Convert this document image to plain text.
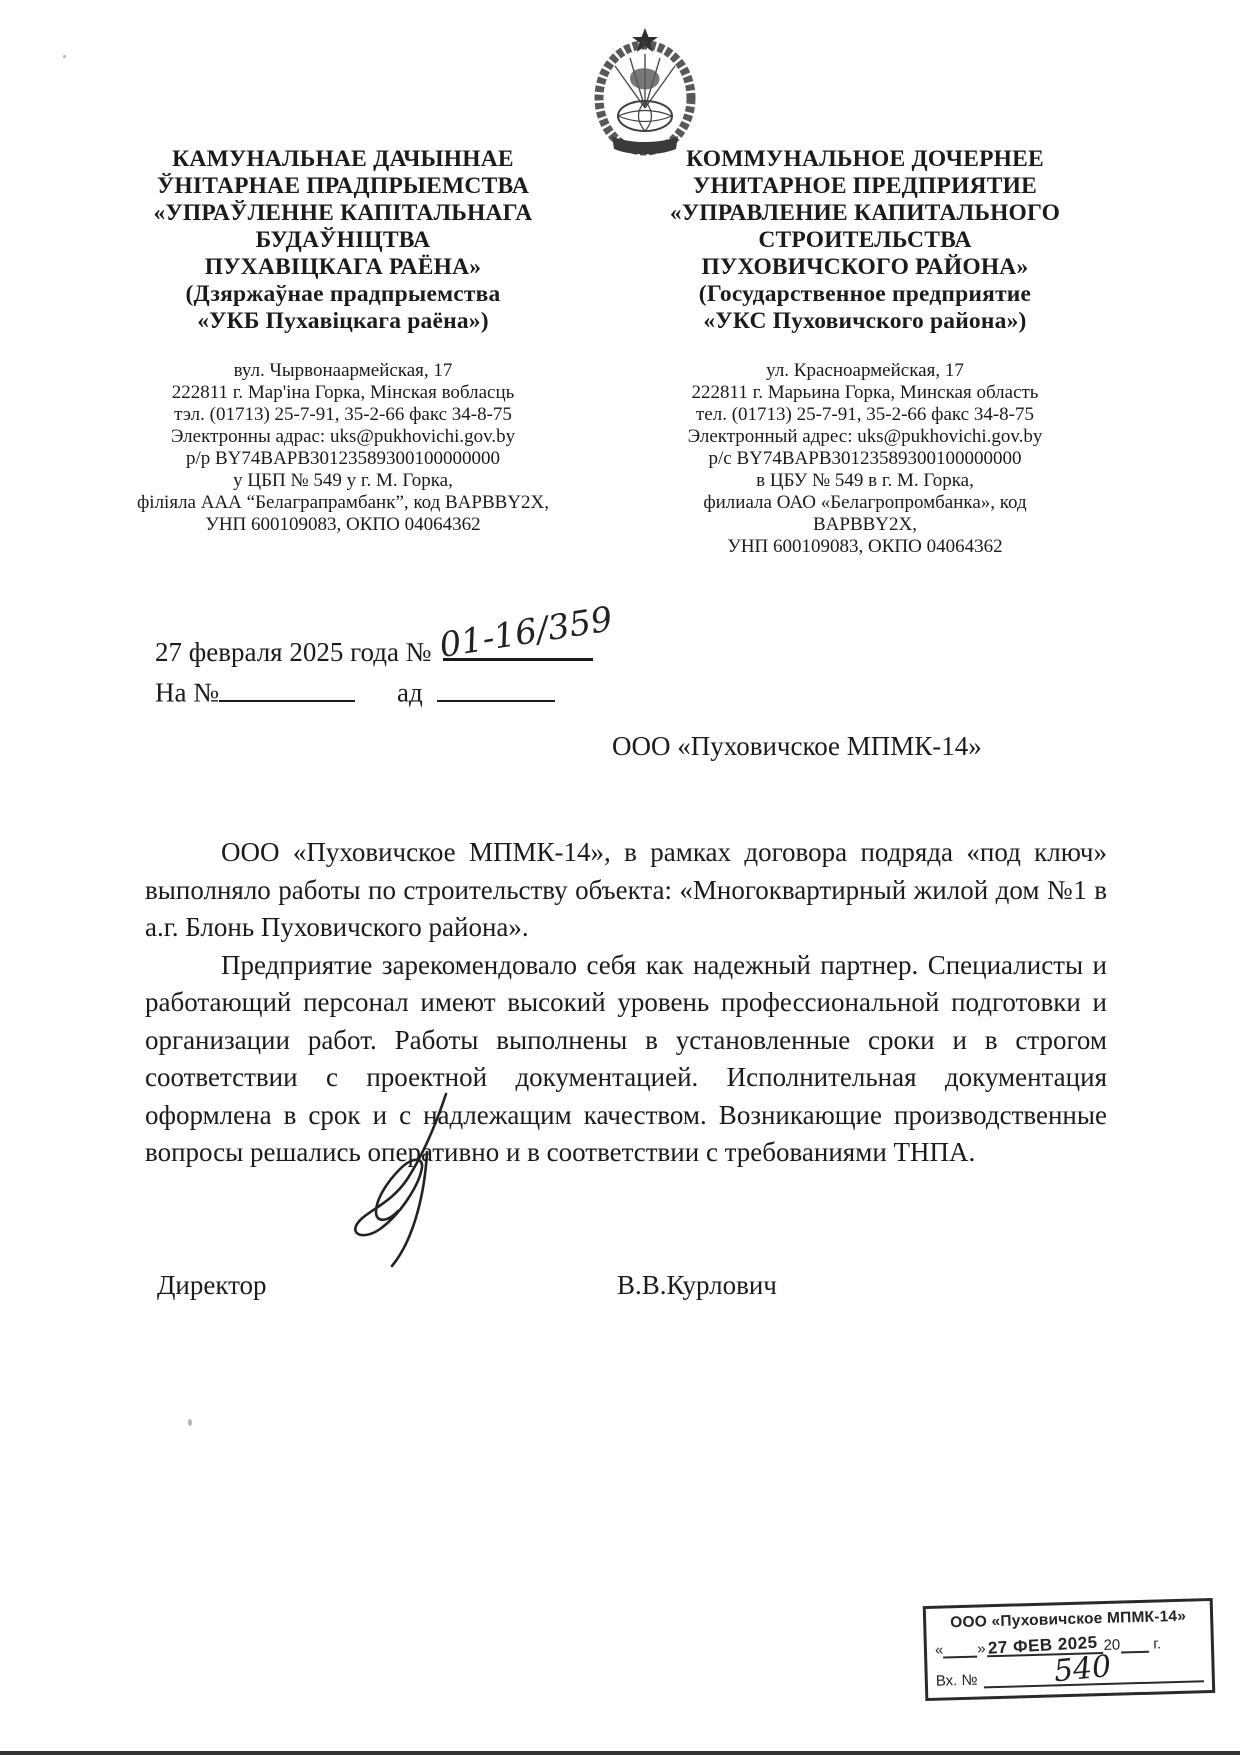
КАМУНАЛЬНАЕ ДАЧЫННАЕ
ЎНІТАРНАЕ ПРАДПРЫЕМСТВА
«УПРАЎЛЕННЕ КАПІТАЛЬНАГА
БУДАЎНІЦТВА
ПУХАВІЦКАГА РАЁНА»
(Дзяржаўнае прадпрыемства
«УКБ Пухавіцкага раёна»)
вул. Чырвонаармейская, 17
222811 г. Мар'іна Горка, Мінская вобласць
тэл. (01713) 25-7-91, 35-2-66 факс 34-8-75
Электронны адрас: uks@pukhovichi.gov.by
р/р BY74BAPB30123589300100000000
у ЦБП № 549 у г. М. Горка,
філіяла ААА “Белаграпрамбанк”, код BAPBBY2X,
УНП 600109083, ОКПО 04064362
КОММУНАЛЬНОЕ ДОЧЕРНЕЕ
УНИТАРНОЕ ПРЕДПРИЯТИЕ
«УПРАВЛЕНИЕ КАПИТАЛЬНОГО
СТРОИТЕЛЬСТВА
ПУХОВИЧСКОГО РАЙОНА»
(Государственное предприятие
«УКС Пуховичского района»)
ул. Красноармейская, 17
222811 г. Марьина Горка, Минская область
тел. (01713) 25-7-91, 35-2-66 факс 34-8-75
Электронный адрес: uks@pukhovichi.gov.by
р/с BY74BAPB30123589300100000000
в ЦБУ № 549 в г. М. Горка,
филиала ОАО «Белагропромбанка», код BAPBBY2X,
УНП 600109083, ОКПО 04064362
27 февраля 2025 года № 01-16/359
На №	ад
ООО «Пуховичское МПМК-14»

ООО «Пуховичское МПМК-14», в рамках договора подряда «под ключ» выполняло работы по строительству объекта: «Многоквартирный жилой дом №1 в а.г. Блонь Пуховичского района».

Предприятие зарекомендовало себя как надежный партнер. Специалисты и работающий персонал имеют высокий уровень профессиональной подготовки и организации работ. Работы выполнены в установленные сроки и в строгом соответствии с проектной документацией. Исполнительная документация оформлена в срок и с надлежащим качеством. Возникающие производственные вопросы решались оперативно и в соответствии с требованиями ТНПА.

Директор	В.В.Курлович
ООО «Пуховичское МПМК-14»
« » 27 ФЕВ 2025 20 г.
Вх. № 540
